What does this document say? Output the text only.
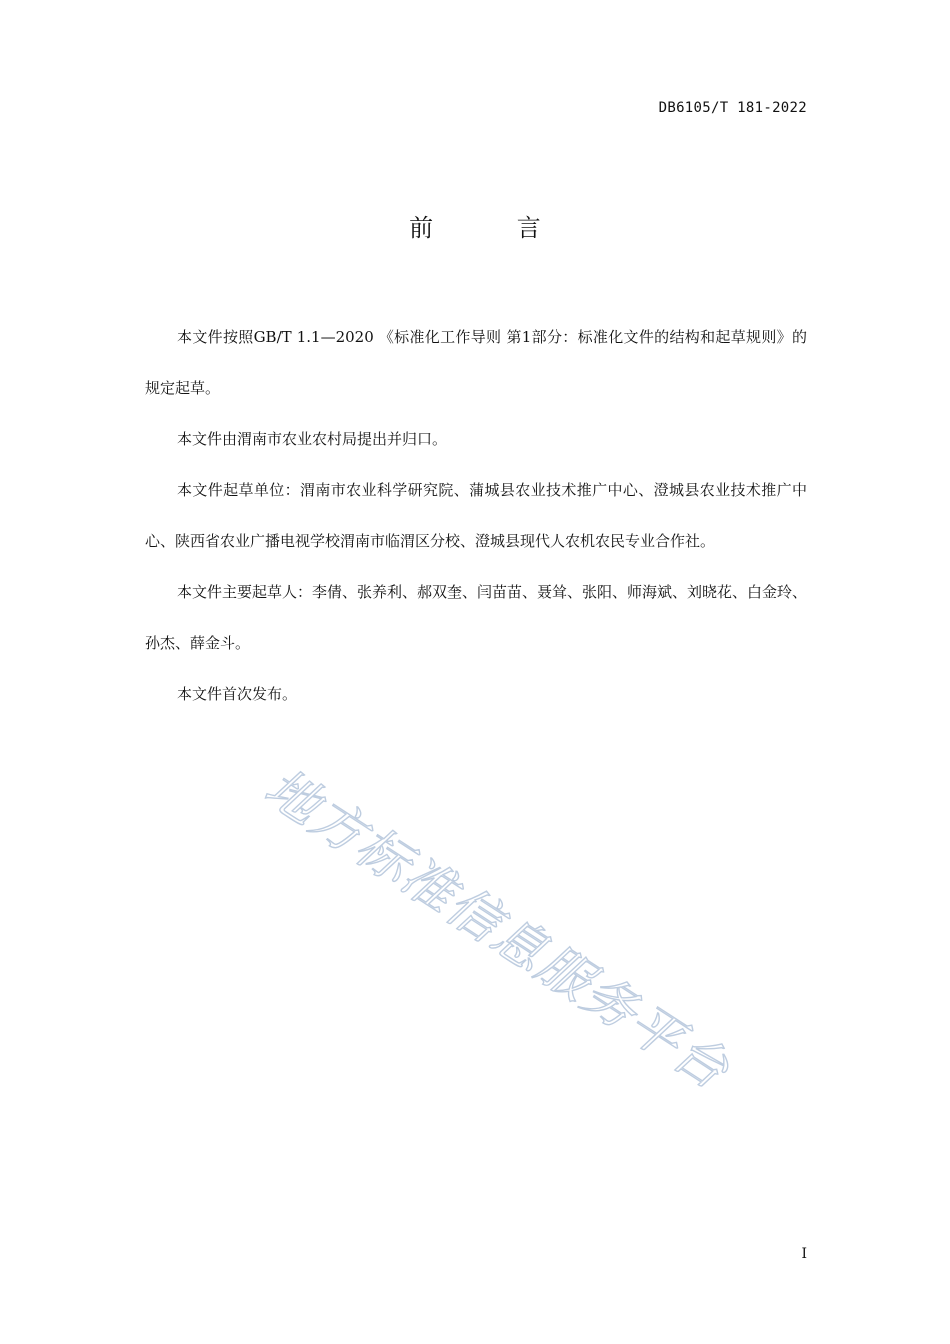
DB6105/T 181-2022
前 言

本文件按照GB/T 1.1—2020 《标准化工作导则 第1部分：标准化文件的结构和起草规则》的规定起草。

本文件由渭南市农业农村局提出并归口。

本文件起草单位：渭南市农业科学研究院、蒲城县农业技术推广中心、澄城县农业技术推广中心、陕西省农业广播电视学校渭南市临渭区分校、澄城县现代人农机农民专业合作社。

本文件主要起草人：李倩、张养利、郝双奎、闫苗苗、聂耸、张阳、师海斌、刘晓花、白金玲、孙杰、薛金斗。

本文件首次发布。

地方标准信息服务平台
I
